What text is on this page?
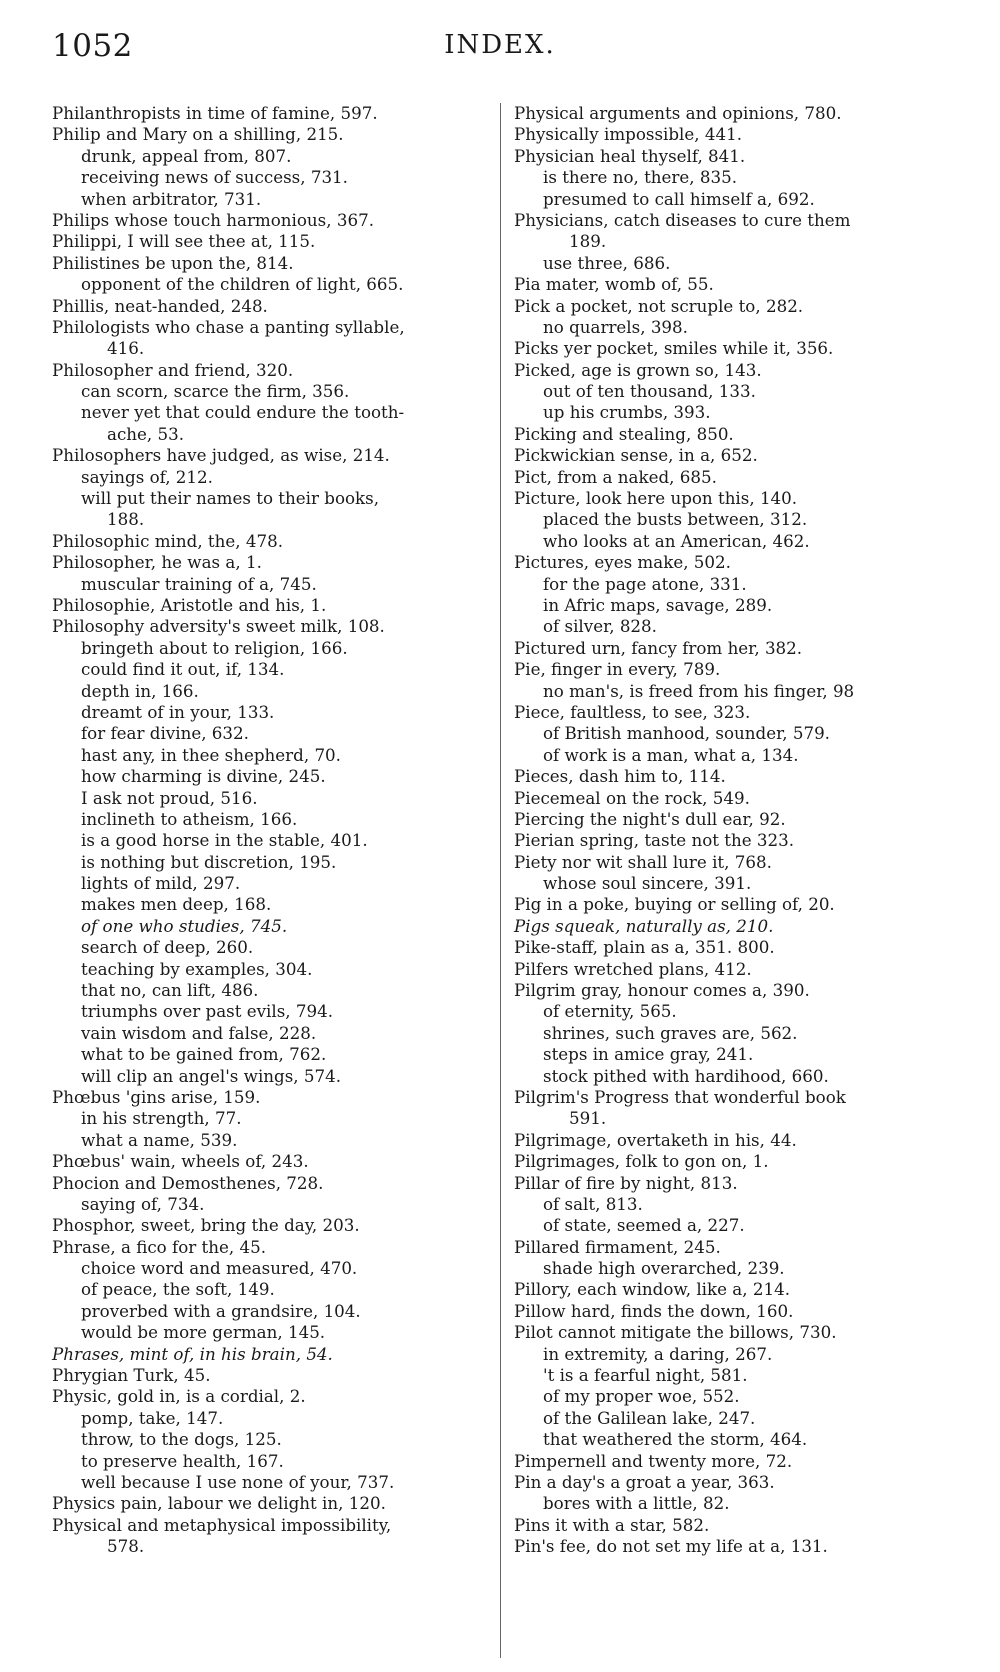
1052	INDEX.
Philanthropists in time of famine, 597.
Philip and Mary on a shilling, 215.
drunk, appeal from, 807.
receiving news of success, 731.
when arbitrator, 731.
Philips whose touch harmonious, 367.
Philippi, I will see thee at, 115.
Philistines be upon the, 814.
opponent of the children of light, 665.
Phillis, neat-handed, 248.
Philologists who chase a panting syllable,
416.
Philosopher and friend, 320.
can scorn, scarce the firm, 356.
never yet that could endure the tooth-
ache, 53.
Philosophers have judged, as wise, 214.
sayings of, 212.
will put their names to their books,
188.
Philosophic mind, the, 478.
Philosopher, he was a, 1.
muscular training of a, 745.
Philosophie, Aristotle and his, 1.
Philosophy adversity's sweet milk, 108.
bringeth about to religion, 166.
could find it out, if, 134.
depth in, 166.
dreamt of in your, 133.
for fear divine, 632.
hast any, in thee shepherd, 70.
how charming is divine, 245.
I ask not proud, 516.
inclineth to atheism, 166.
is a good horse in the stable, 401.
is nothing but discretion, 195.
lights of mild, 297.
makes men deep, 168.
of one who studies, 745.
search of deep, 260.
teaching by examples, 304.
that no, can lift, 486.
triumphs over past evils, 794.
vain wisdom and false, 228.
what to be gained from, 762.
will clip an angel's wings, 574.
Phœbus 'gins arise, 159.
in his strength, 77.
what a name, 539.
Phœbus' wain, wheels of, 243.
Phocion and Demosthenes, 728.
saying of, 734.
Phosphor, sweet, bring the day, 203.
Phrase, a fico for the, 45.
choice word and measured, 470.
of peace, the soft, 149.
proverbed with a grandsire, 104.
would be more german, 145.
Phrases, mint of, in his brain, 54.
Phrygian Turk, 45.
Physic, gold in, is a cordial, 2.
pomp, take, 147.
throw, to the dogs, 125.
to preserve health, 167.
well because I use none of your, 737.
Physics pain, labour we delight in, 120.
Physical and metaphysical impossibility,
578.
Physical arguments and opinions, 780.
Physically impossible, 441.
Physician heal thyself, 841.
is there no, there, 835.
presumed to call himself a, 692.
Physicians, catch diseases to cure them
189.
use three, 686.
Pia mater, womb of, 55.
Pick a pocket, not scruple to, 282.
no quarrels, 398.
Picks yer pocket, smiles while it, 356.
Picked, age is grown so, 143.
out of ten thousand, 133.
up his crumbs, 393.
Picking and stealing, 850.
Pickwickian sense, in a, 652.
Pict, from a naked, 685.
Picture, look here upon this, 140.
placed the busts between, 312.
who looks at an American, 462.
Pictures, eyes make, 502.
for the page atone, 331.
in Afric maps, savage, 289.
of silver, 828.
Pictured urn, fancy from her, 382.
Pie, finger in every, 789.
no man's, is freed from his finger, 98
Piece, faultless, to see, 323.
of British manhood, sounder, 579.
of work is a man, what a, 134.
Pieces, dash him to, 114.
Piecemeal on the rock, 549.
Piercing the night's dull ear, 92.
Pierian spring, taste not the 323.
Piety nor wit shall lure it, 768.
whose soul sincere, 391.
Pig in a poke, buying or selling of, 20.
Pigs squeak, naturally as, 210.
Pike-staff, plain as a, 351. 800.
Pilfers wretched plans, 412.
Pilgrim gray, honour comes a, 390.
of eternity, 565.
shrines, such graves are, 562.
steps in amice gray, 241.
stock pithed with hardihood, 660.
Pilgrim's Progress that wonderful book
591.
Pilgrimage, overtaketh in his, 44.
Pilgrimages, folk to gon on, 1.
Pillar of fire by night, 813.
of salt, 813.
of state, seemed a, 227.
Pillared firmament, 245.
shade high overarched, 239.
Pillory, each window, like a, 214.
Pillow hard, finds the down, 160.
Pilot cannot mitigate the billows, 730.
in extremity, a daring, 267.
't is a fearful night, 581.
of my proper woe, 552.
of the Galilean lake, 247.
that weathered the storm, 464.
Pimpernell and twenty more, 72.
Pin a day's a groat a year, 363.
bores with a little, 82.
Pins it with a star, 582.
Pin's fee, do not set my life at a, 131.
